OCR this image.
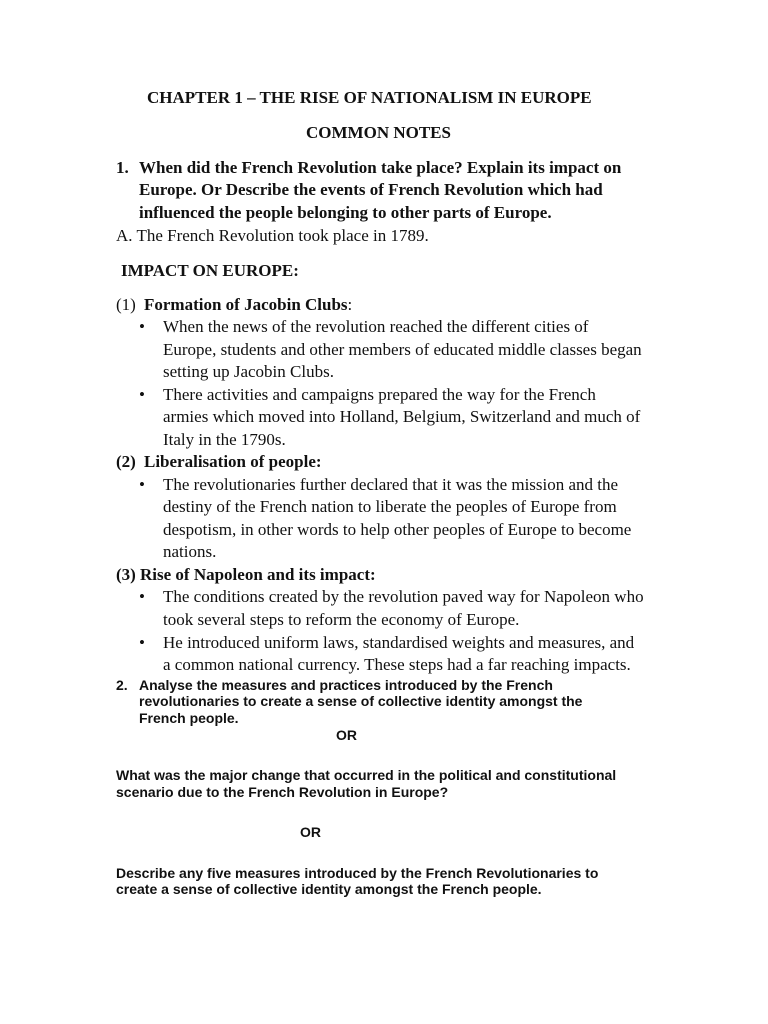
CHAPTER 1 – THE RISE OF NATIONALISM IN EUROPE
COMMON NOTES
1. When did the French Revolution take place? Explain its impact on
Europe. Or Describe the events of French Revolution which had
influenced the people belonging to other parts of Europe.
A. The French Revolution took place in 1789.
IMPACT ON EUROPE:
(1) Formation of Jacobin Clubs:
• When the news of the revolution reached the different cities of
Europe, students and other members of educated middle classes began
setting up Jacobin Clubs.
• There activities and campaigns prepared the way for the French
armies which moved into Holland, Belgium, Switzerland and much of
Italy in the 1790s.
(2) Liberalisation of people:
• The revolutionaries further declared that it was the mission and the
destiny of the French nation to liberate the peoples of Europe from
despotism, in other words to help other peoples of Europe to become
nations.
(3) Rise of Napoleon and its impact:
• The conditions created by the revolution paved way for Napoleon who
took several steps to reform the economy of Europe.
• He introduced uniform laws, standardised weights and measures, and
a common national currency. These steps had a far reaching impacts.
2. Analyse the measures and practices introduced by the French
revolutionaries to create a sense of collective identity amongst the
French people.
OR
What was the major change that occurred in the political and constitutional
scenario due to the French Revolution in Europe?
OR
Describe any five measures introduced by the French Revolutionaries to
create a sense of collective identity amongst the French people.
